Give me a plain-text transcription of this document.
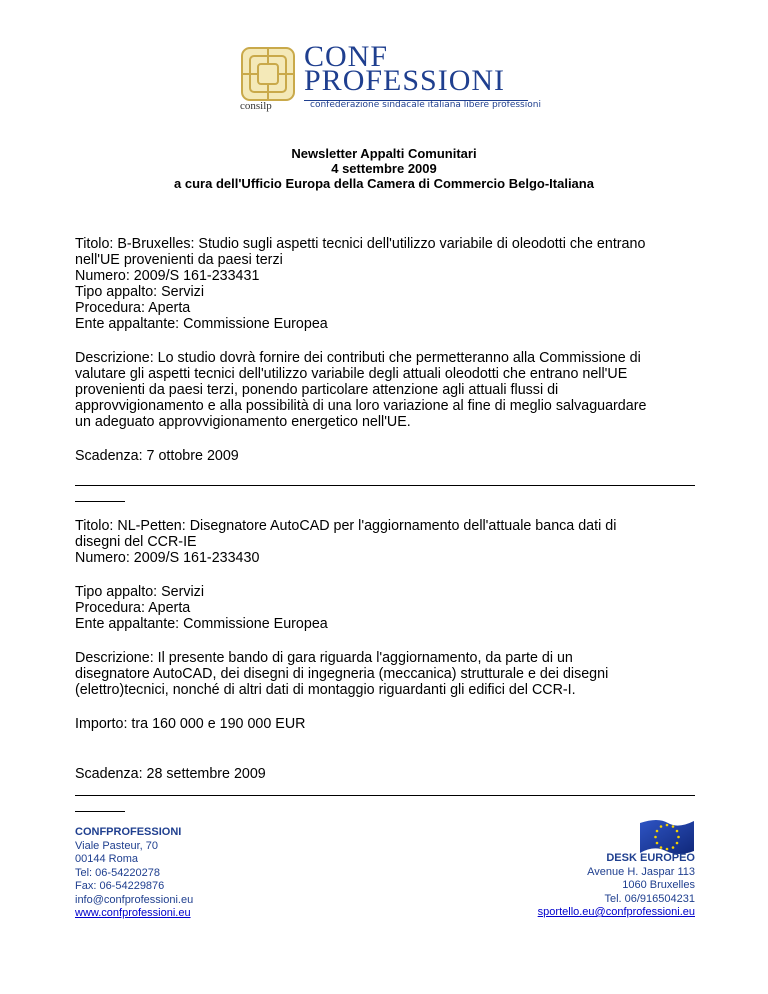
consilp
CONF
PROFESSIONI
confederazione sindacale italiana libere professioni
Newsletter Appalti Comunitari
4 settembre 2009
a cura dell'Ufficio Europa della Camera di Commercio Belgo-Italiana
Titolo: B-Bruxelles: Studio sugli aspetti tecnici dell'utilizzo variabile di oleodotti che entrano
nell'UE provenienti da paesi terzi
Numero: 2009/S 161-233431
Tipo appalto: Servizi
Procedura: Aperta
Ente appaltante: Commissione Europea
Descrizione: Lo studio dovrà fornire dei contributi che permetteranno alla Commissione di
valutare gli aspetti tecnici dell'utilizzo variabile degli attuali oleodotti che entrano nell'UE
provenienti da paesi terzi, ponendo particolare attenzione agli attuali flussi di
approvvigionamento e alla possibilità di una loro variazione al fine di meglio salvaguardare
un adeguato approvvigionamento energetico nell'UE.
Scadenza: 7 ottobre 2009
Titolo: NL-Petten: Disegnatore AutoCAD per l'aggiornamento dell'attuale banca dati di
disegni del CCR-IE
Numero: 2009/S 161-233430
Tipo appalto: Servizi
Procedura: Aperta
Ente appaltante: Commissione Europea
Descrizione: Il presente bando di gara riguarda l'aggiornamento, da parte di un
disegnatore AutoCAD, dei disegni di ingegneria (meccanica) strutturale e dei disegni
(elettro)tecnici, nonché di altri dati di montaggio riguardanti gli edifici del CCR-I.
Importo: tra 160 000 e 190 000 EUR
Scadenza: 28 settembre 2009
CONFPROFESSIONI
Viale Pasteur, 70
00144 Roma
Tel: 06-54220278
Fax: 06-54229876
info@confprofessioni.eu
www.confprofessioni.eu
DESK EUROPEO
Avenue H. Jaspar 113
1060 Bruxelles
Tel. 06/916504231
sportello.eu@confprofessioni.eu
